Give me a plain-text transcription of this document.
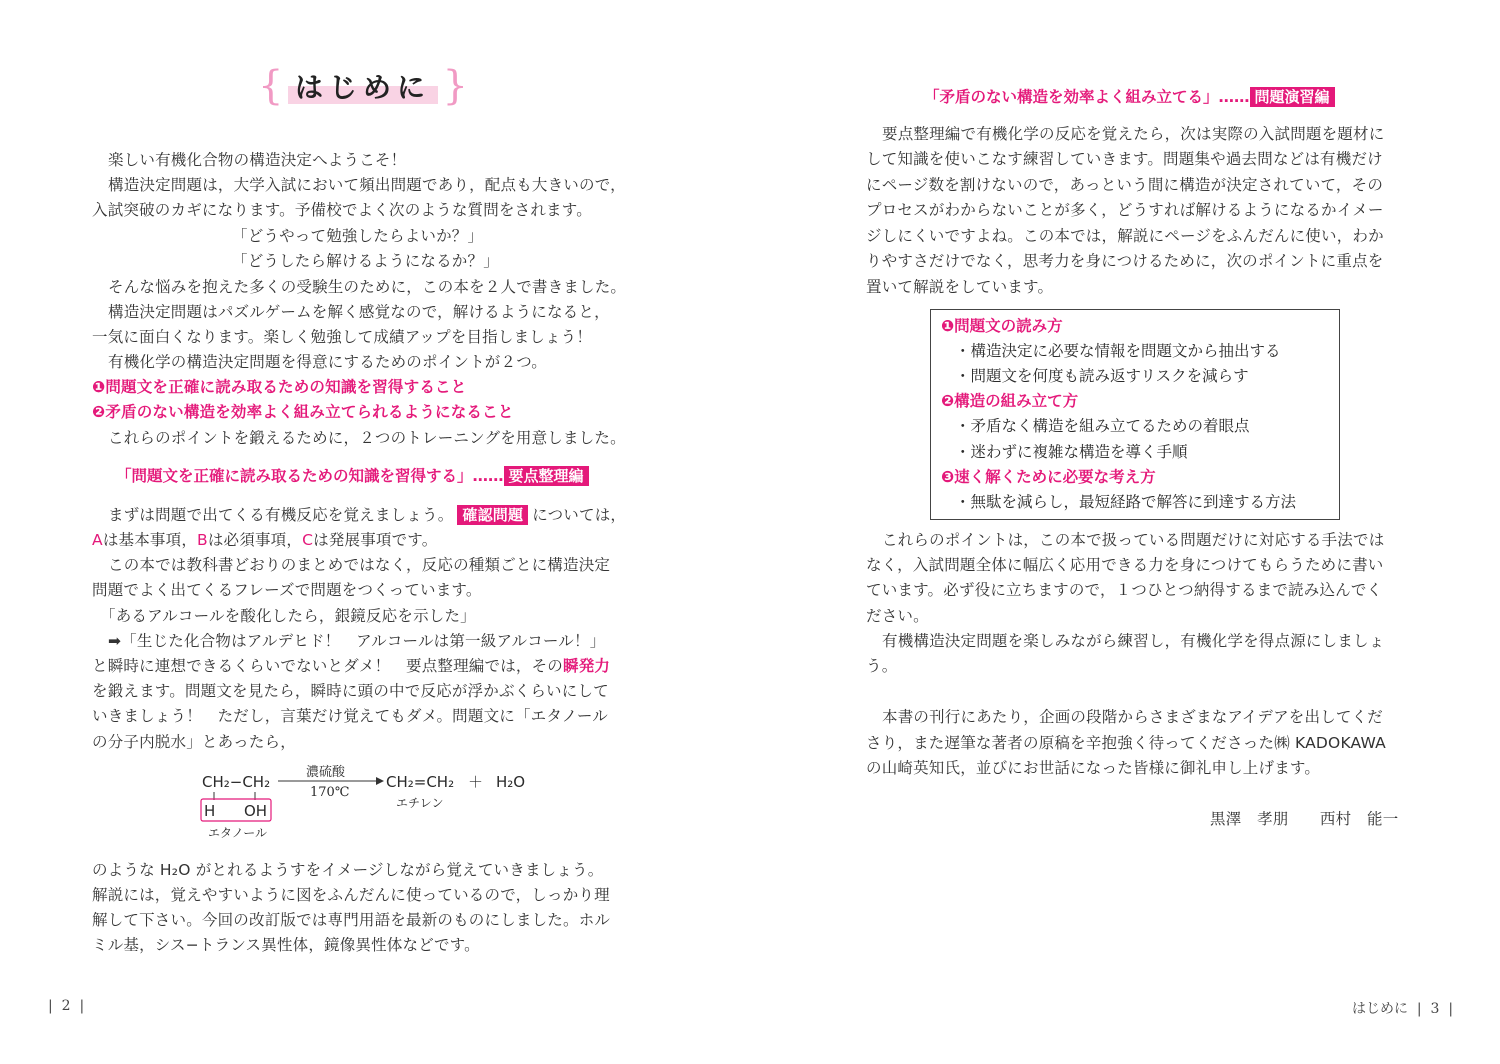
{ はじめに }
楽しい有機化合物の構造決定へようこそ！
構造決定問題は，大学入試において頻出問題であり，配点も大きいので，
入試突破のカギになります。予備校でよく次のような質問をされます。
「どうやって勉強したらよいか？」
「どうしたら解けるようになるか？」
そんな悩みを抱えた多くの受験生のために，この本を２人で書きました。
構造決定問題はパズルゲームを解く感覚なので，解けるようになると，
一気に面白くなります。楽しく勉強して成績アップを目指しましょう！
有機化学の構造決定問題を得意にするためのポイントが２つ。
❶問題文を正確に読み取るための知識を習得すること
❷矛盾のない構造を効率よく組み立てられるようになること
これらのポイントを鍛えるために，２つのトレーニングを用意しました。
「問題文を正確に読み取るための知識を習得する」…… 要点整理編
まずは問題で出てくる有機反応を覚えましょう。 確認問題 については，
Aは基本事項，Bは必須事項，Cは発展事項です。
この本では教科書どおりのまとめではなく，反応の種類ごとに構造決定
問題でよく出てくるフレーズで問題をつくっています。
「あるアルコールを酸化したら，銀鏡反応を示した」
➡「生じた化合物はアルデヒド！　アルコールは第一級アルコール！」
と瞬時に連想できるくらいでないとダメ！　要点整理編では，その瞬発力
を鍛えます。問題文を見たら，瞬時に頭の中で反応が浮かぶくらいにして
いきましょう！　ただし，言葉だけ覚えてもダメ。問題文に「エタノール
の分子内脱水」とあったら，
CH₂−CH₂
H OH
エタノール
濃硫酸
170℃
CH₂=CH₂ ＋ H₂O
エチレン
のような H₂O がとれるようすをイメージしながら覚えていきましょう。
解説には，覚えやすいように図をふんだんに使っているので，しっかり理
解して下さい。今回の改訂版では専門用語を最新のものにしました。ホル
ミル基，シス−トランス異性体，鏡像異性体などです。
|  2  |
「矛盾のない構造を効率よく組み立てる」…… 問題演習編
要点整理編で有機化学の反応を覚えたら，次は実際の入試問題を題材に
して知識を使いこなす練習していきます。問題集や過去問などは有機だけ
にページ数を割けないので，あっという間に構造が決定されていて，その
プロセスがわからないことが多く，どうすれば解けるようになるかイメー
ジしにくいですよね。この本では，解説にページをふんだんに使い，わか
りやすさだけでなく，思考力を身につけるために，次のポイントに重点を
置いて解説をしています。
❶問題文の読み方
・構造決定に必要な情報を問題文から抽出する
・問題文を何度も読み返すリスクを減らす
❷構造の組み立て方
・矛盾なく構造を組み立てるための着眼点
・迷わずに複雑な構造を導く手順
❸速く解くために必要な考え方
・無駄を減らし，最短経路で解答に到達する方法
これらのポイントは，この本で扱っている問題だけに対応する手法では
なく，入試問題全体に幅広く応用できる力を身につけてもらうために書い
ています。必ず役に立ちますので，１つひとつ納得するまで読み込んでく
ださい。
有機構造決定問題を楽しみながら練習し，有機化学を得点源にしましょ
う。
本書の刊行にあたり，企画の段階からさまざまなアイデアを出してくだ
さり，また遅筆な著者の原稿を辛抱強く待ってくださった㈱ KADOKAWA
の山崎英知氏，並びにお世話になった皆様に御礼申し上げます。
黒澤　孝朋　　西村　能一
はじめに  |  3  |
